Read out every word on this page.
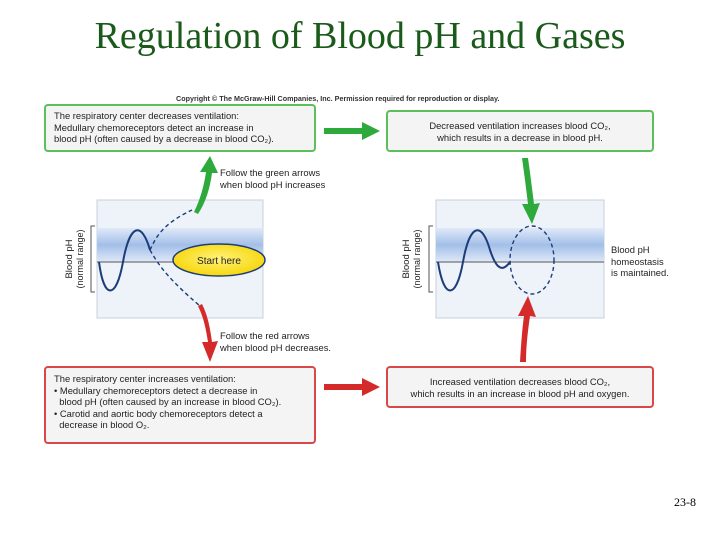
Regulation of Blood pH and Gases
Copyright © The McGraw-Hill Companies, Inc. Permission required for reproduction or display.
The respiratory center decreases ventilation:
Medullary chemoreceptors detect an increase in
blood pH (often caused by a decrease in blood CO₂).
Decreased ventilation increases blood CO₂,
which results in a decrease in blood pH.
The respiratory center increases ventilation:
• Medullary chemoreceptors detect a decrease in
blood pH (often caused by an increase in blood CO₂).
• Carotid and aortic body chemoreceptors detect a
decrease in blood O₂.
Increased ventilation decreases blood CO₂,
which results in an increase in blood pH and oxygen.
Follow the green arrows
when blood pH increases
Follow the red arrows
when blood pH decreases.
Blood pH
homeostasis
is maintained.
Blood pH (normal range)	Start here	Blood pH (normal range)
23-8
